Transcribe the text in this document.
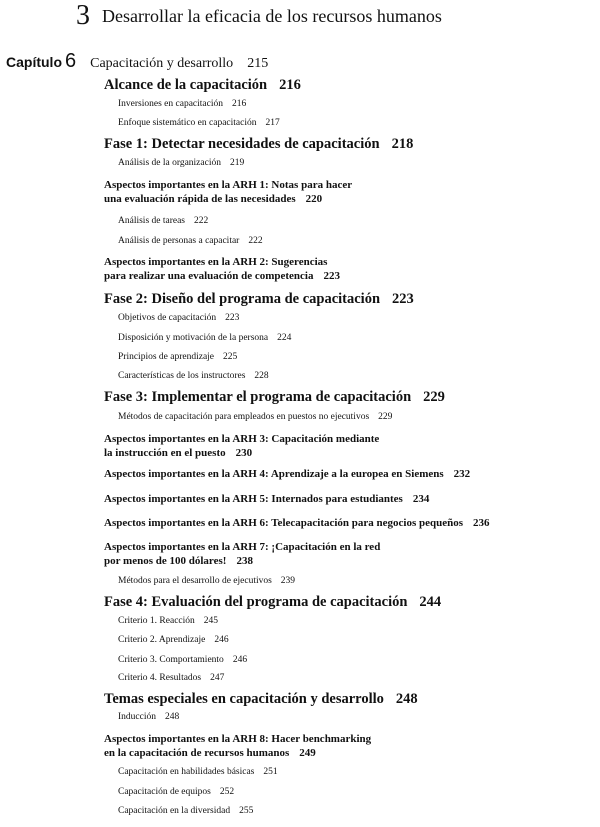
3 Desarrollar la eficacia de los recursos humanos
Capítulo 6 Capacitación y desarrollo 215
Alcance de la capacitación 216
Inversiones en capacitación 216
Enfoque sistemático en capacitación 217
Fase 1: Detectar necesidades de capacitación 218
Análisis de la organización 219
Aspectos importantes en la ARH 1: Notas para hacer
una evaluación rápida de las necesidades 220
Análisis de tareas 222
Análisis de personas a capacitar 222
Aspectos importantes en la ARH 2: Sugerencias
para realizar una evaluación de competencia 223
Fase 2: Diseño del programa de capacitación 223
Objetivos de capacitación 223
Disposición y motivación de la persona 224
Principios de aprendizaje 225
Características de los instructores 228
Fase 3: Implementar el programa de capacitación 229
Métodos de capacitación para empleados en puestos no ejecutivos 229
Aspectos importantes en la ARH 3: Capacitación mediante
la instrucción en el puesto 230
Aspectos importantes en la ARH 4: Aprendizaje a la europea en Siemens 232
Aspectos importantes en la ARH 5: Internados para estudiantes 234
Aspectos importantes en la ARH 6: Telecapacitación para negocios pequeños 236
Aspectos importantes en la ARH 7: ¡Capacitación en la red
por menos de 100 dólares! 238
Métodos para el desarrollo de ejecutivos 239
Fase 4: Evaluación del programa de capacitación 244
Criterio 1. Reacción 245
Criterio 2. Aprendizaje 246
Criterio 3. Comportamiento 246
Criterio 4. Resultados 247
Temas especiales en capacitación y desarrollo 248
Inducción 248
Aspectos importantes en la ARH 8: Hacer benchmarking
en la capacitación de recursos humanos 249
Capacitación en habilidades básicas 251
Capacitación de equipos 252
Capacitación en la diversidad 255
